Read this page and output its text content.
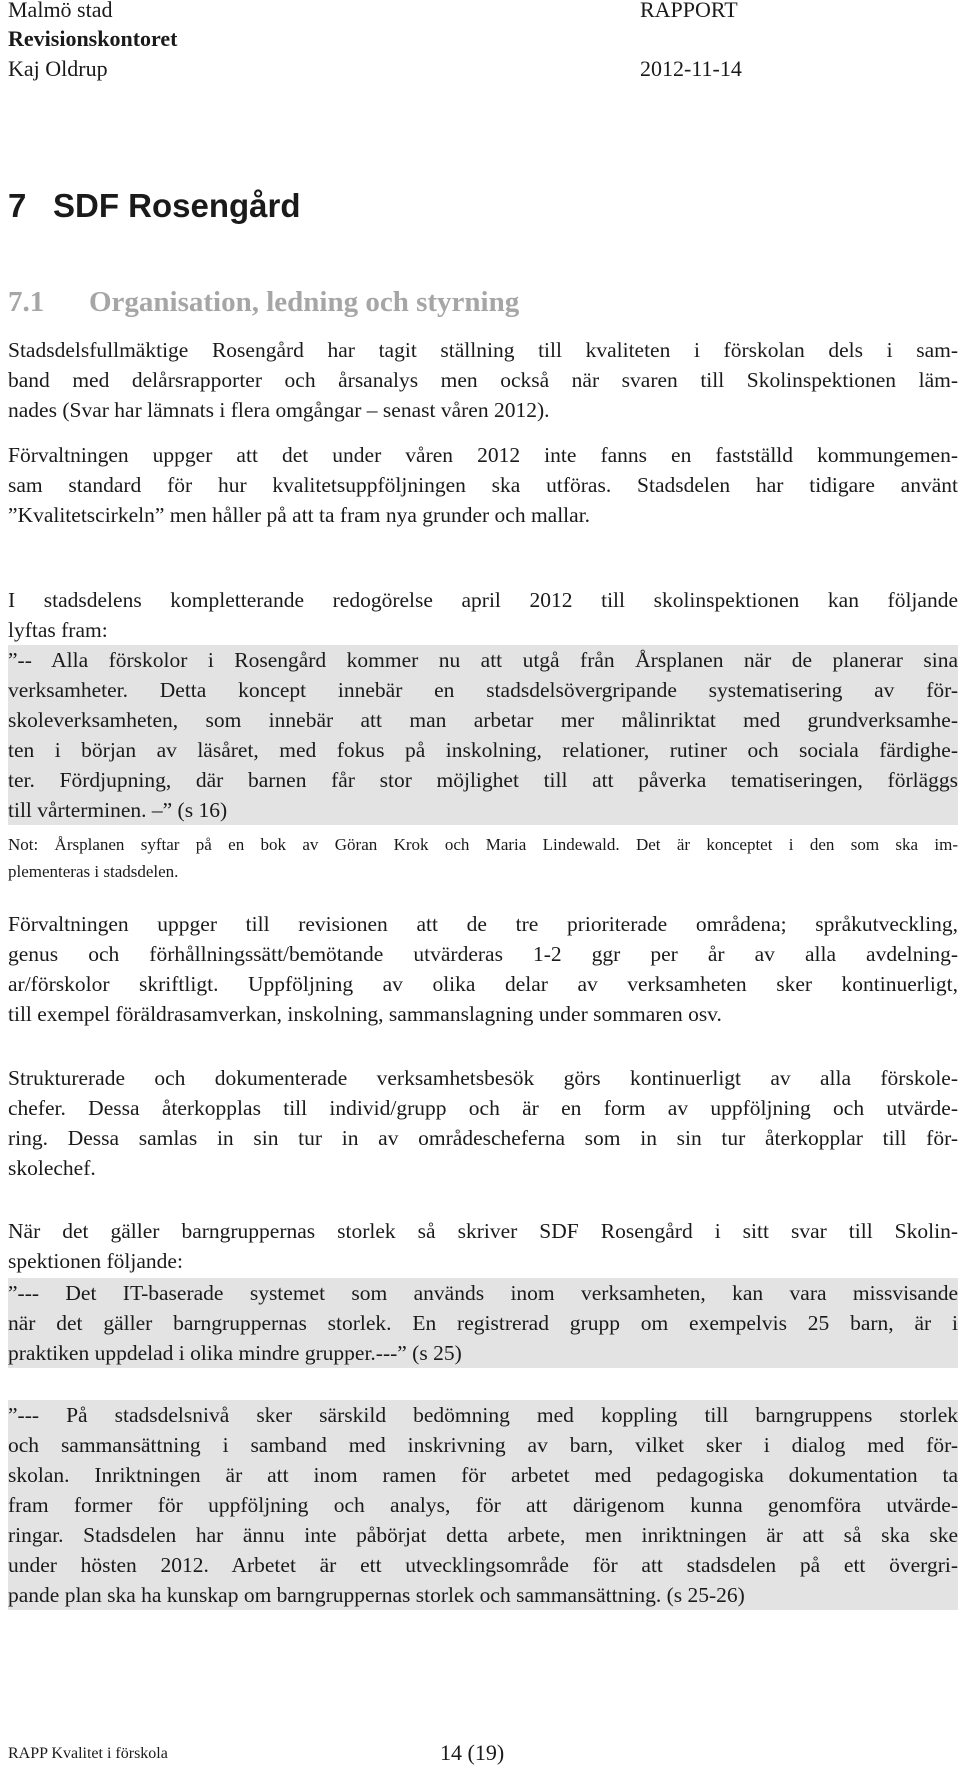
Malmö stad	RAPPORT
Revisionskontoret
Kaj Oldrup	2012-11-14
7 SDF Rosengård
7.1 Organisation, ledning och styrning

Stadsdelsfullmäktige Rosengård har tagit ställning till kvaliteten i förskolan dels i sam-

band med delårsrapporter och årsanalys men också när svaren till Skolinspektionen läm-

nades (Svar har lämnats i flera omgångar – senast våren 2012).

Förvaltningen uppger att det under våren 2012 inte fanns en fastställd kommungemen-

sam standard för hur kvalitetsuppföljningen ska utföras. Stadsdelen har tidigare använt

”Kvalitetscirkeln” men håller på att ta fram nya grunder och mallar.

I stadsdelens kompletterande redogörelse april 2012 till skolinspektionen kan följande

lyftas fram:

”-- Alla förskolor i Rosengård kommer nu att utgå från Årsplanen när de planerar sina

verksamheter. Detta koncept innebär en stadsdelsövergripande systematisering av för-

skoleverksamheten, som innebär att man arbetar mer målinriktat med grundverksamhe-

ten i början av läsåret, med fokus på inskolning, relationer, rutiner och sociala färdighe-

ter. Fördjupning, där barnen får stor möjlighet till att påverka tematiseringen, förläggs

till vårterminen. –” (s 16)

Not: Årsplanen syftar på en bok av Göran Krok och Maria Lindewald. Det är konceptet i den som ska im-

plementeras i stadsdelen.

Förvaltningen uppger till revisionen att de tre prioriterade områdena; språkutveckling,

genus och förhållningssätt/bemötande utvärderas 1-2 ggr per år av alla avdelning-

ar/förskolor skriftligt. Uppföljning av olika delar av verksamheten sker kontinuerligt,

till exempel föräldrasamverkan, inskolning, sammanslagning under sommaren osv.

Strukturerade och dokumenterade verksamhetsbesök görs kontinuerligt av alla förskole-

chefer. Dessa återkopplas till individ/grupp och är en form av uppföljning och utvärde-

ring. Dessa samlas in sin tur in av områdescheferna som in sin tur återkopplar till för-

skolechef.

När det gäller barngruppernas storlek så skriver SDF Rosengård i sitt svar till Skolin-

spektionen följande:

”--- Det IT-baserade systemet som används inom verksamheten, kan vara missvisande

när det gäller barngruppernas storlek. En registrerad grupp om exempelvis 25 barn, är i

praktiken uppdelad i olika mindre grupper.---” (s 25)

”--- På stadsdelsnivå sker särskild bedömning med koppling till barngruppens storlek

och sammansättning i samband med inskrivning av barn, vilket sker i dialog med för-

skolan. Inriktningen är att inom ramen för arbetet med pedagogiska dokumentation ta

fram former för uppföljning och analys, för att därigenom kunna genomföra utvärde-

ringar. Stadsdelen har ännu inte påbörjat detta arbete, men inriktningen är att så ska ske

under hösten 2012. Arbetet är ett utvecklingsområde för att stadsdelen på ett övergri-

pande plan ska ha kunskap om barngruppernas storlek och sammansättning. (s 25-26)

RAPP Kvalitet i förskola	14 (19)
